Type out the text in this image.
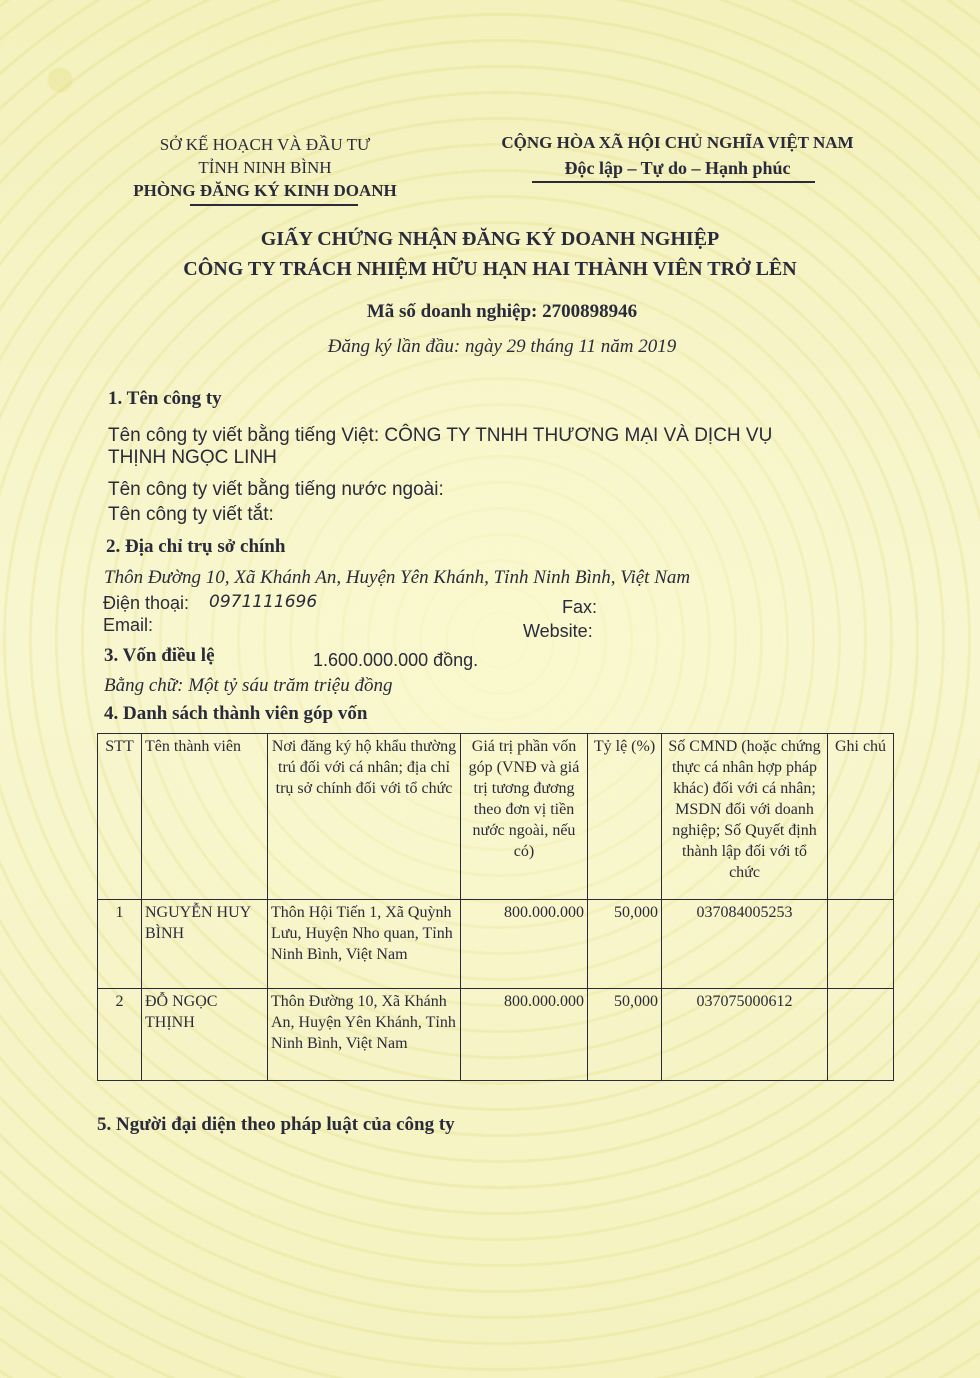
SỞ KẾ HOẠCH VÀ ĐẦU TƯ
TỈNH NINH BÌNH
PHÒNG ĐĂNG KÝ KINH DOANH
CỘNG HÒA XÃ HỘI CHỦ NGHĨA VIỆT NAM
Độc lập – Tự do – Hạnh phúc
GIẤY CHỨNG NHẬN ĐĂNG KÝ DOANH NGHIỆP
CÔNG TY TRÁCH NHIỆM HỮU HẠN HAI THÀNH VIÊN TRỞ LÊN
Mã số doanh nghiệp: 2700898946
Đăng ký lần đầu: ngày 29 tháng 11 năm 2019
1. Tên công ty
Tên công ty viết bằng tiếng Việt: CÔNG TY TNHH THƯƠNG MẠI VÀ DỊCH VỤ
THỊNH NGỌC LINH
Tên công ty viết bằng tiếng nước ngoài:
Tên công ty viết tắt:
2. Địa chỉ trụ sở chính
Thôn Đường 10, Xã Khánh An, Huyện Yên Khánh, Tỉnh Ninh Bình, Việt Nam
Điện thoại: 0971111696	Fax:
Email:	Website:
3. Vốn điều lệ	1.600.000.000 đồng.
Bằng chữ: Một tỷ sáu trăm triệu đồng
4. Danh sách thành viên góp vốn
STT	Tên thành viên	Nơi đăng ký hộ khẩu thường trú đối với cá nhân; địa chỉ trụ sở chính đối với tổ chức	Giá trị phần vốn góp (VNĐ và giá trị tương đương theo đơn vị tiền nước ngoài, nếu có)	Tỷ lệ (%)	Số CMND (hoặc chứng thực cá nhân hợp pháp khác) đối với cá nhân; MSDN đối với doanh nghiệp; Số Quyết định thành lập đối với tổ chức	Ghi chú
1	NGUYỄN HUY BÌNH	Thôn Hội Tiến 1, Xã Quỳnh Lưu, Huyện Nho quan, Tỉnh Ninh Bình, Việt Nam	800.000.000	50,000	037084005253	
2	ĐỖ NGỌC THỊNH	Thôn Đường 10, Xã Khánh An, Huyện Yên Khánh, Tỉnh Ninh Bình, Việt Nam	800.000.000	50,000	037075000612	
5. Người đại diện theo pháp luật của công ty
